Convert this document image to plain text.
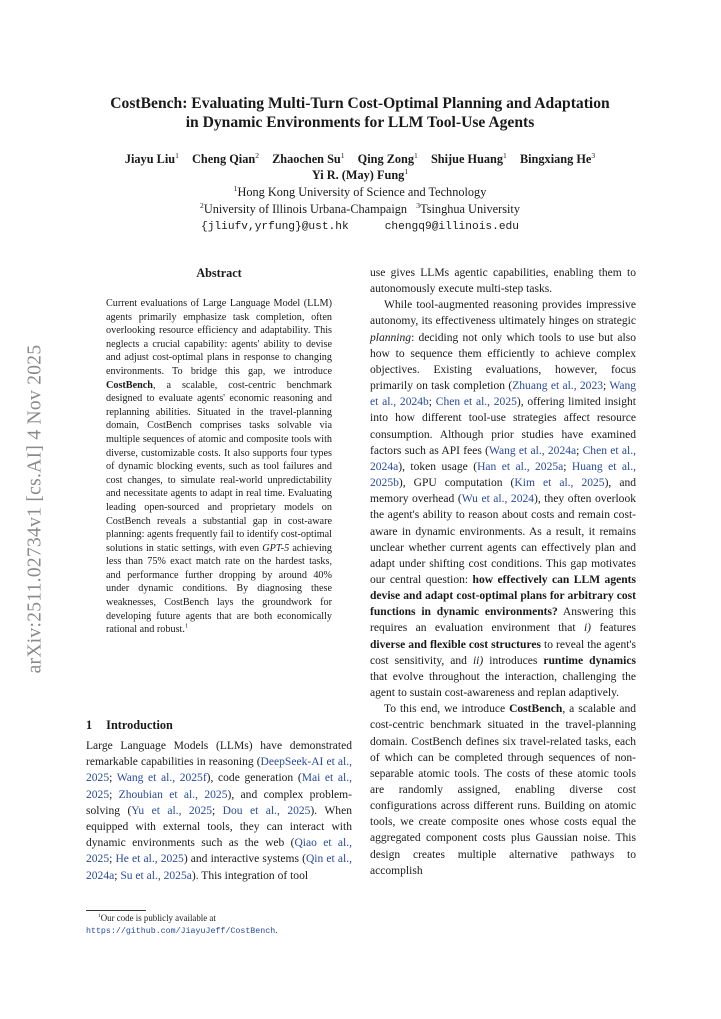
arXiv:2511.02734v1 [cs.AI] 4 Nov 2025
CostBench: Evaluating Multi-Turn Cost-Optimal Planning and Adaptation
in Dynamic Environments for LLM Tool-Use Agents
Jiayu Liu$^1$ Cheng Qian$^2$ Zhaochen Su$^1$ Qing Zong$^1$ Shijue Huang$^1$ Bingxiang He$^3$
Yi R. (May) Fung$^1$
$^1$Hong Kong University of Science and Technology
$^2$University of Illinois Urbana-Champaign $^3$Tsinghua University
{jliufv,yrfung}@ust.hk	chengq9@illinois.edu
Abstract
Current evaluations of Large Language Model (LLM) agents primarily emphasize task completion, often overlooking resource efficiency and adaptability. This neglects a crucial capability: agents' ability to devise and adjust cost-optimal plans in response to changing environments. To bridge this gap, we introduce CostBench, a scalable, cost-centric benchmark designed to evaluate agents' economic reasoning and replanning abilities. Situated in the travel-planning domain, CostBench comprises tasks solvable via multiple sequences of atomic and composite tools with diverse, customizable costs. It also supports four types of dynamic blocking events, such as tool failures and cost changes, to simulate real-world unpredictability and necessitate agents to adapt in real time. Evaluating leading open-sourced and proprietary models on CostBench reveals a substantial gap in cost-aware planning: agents frequently fail to identify cost-optimal solutions in static settings, with even GPT-5 achieving less than 75% exact match rate on the hardest tasks, and performance further dropping by around 40% under dynamic conditions. By diagnosing these weaknesses, CostBench lays the groundwork for developing future agents that are both economically rational and robust.$^1$
1 Introduction
Large Language Models (LLMs) have demonstrated remarkable capabilities in reasoning (DeepSeek-AI et al., 2025; Wang et al., 2025f), code generation (Mai et al., 2025; Zhoubian et al., 2025), and complex problem-solving (Yu et al., 2025; Dou et al., 2025). When equipped with external tools, they can interact with dynamic environments such as the web (Qiao et al., 2025; He et al., 2025) and interactive systems (Qin et al., 2024a; Su et al., 2025a). This integration of tool
$^1$Our code is publicly available at https://github.com/JiayuJeff/CostBench.

use gives LLMs agentic capabilities, enabling them to autonomously execute multi-step tasks.

While tool-augmented reasoning provides impressive autonomy, its effectiveness ultimately hinges on strategic planning: deciding not only which tools to use but also how to sequence them efficiently to achieve complex objectives. Existing evaluations, however, focus primarily on task completion (Zhuang et al., 2023; Wang et al., 2024b; Chen et al., 2025), offering limited insight into how different tool-use strategies affect resource consumption. Although prior studies have examined factors such as API fees (Wang et al., 2024a; Chen et al., 2024a), token usage (Han et al., 2025a; Huang et al., 2025b), GPU computation (Kim et al., 2025), and memory overhead (Wu et al., 2024), they often overlook the agent's ability to reason about costs and remain cost-aware in dynamic environments. As a result, it remains unclear whether current agents can effectively plan and adapt under shifting cost conditions. This gap motivates our central question: how effectively can LLM agents devise and adapt cost-optimal plans for arbitrary cost functions in dynamic environments? Answering this requires an evaluation environment that i) features diverse and flexible cost structures to reveal the agent's cost sensitivity, and ii) introduces runtime dynamics that evolve throughout the interaction, challenging the agent to sustain cost-awareness and replan adaptively.

To this end, we introduce CostBench, a scalable and cost-centric benchmark situated in the travel-planning domain. CostBench defines six travel-related tasks, each of which can be completed through sequences of non-separable atomic tools. The costs of these atomic tools are randomly assigned, enabling diverse cost configurations across different runs. Building on atomic tools, we create composite ones whose costs equal the aggregated component costs plus Gaussian noise. This design creates multiple alternative pathways to accomplish
